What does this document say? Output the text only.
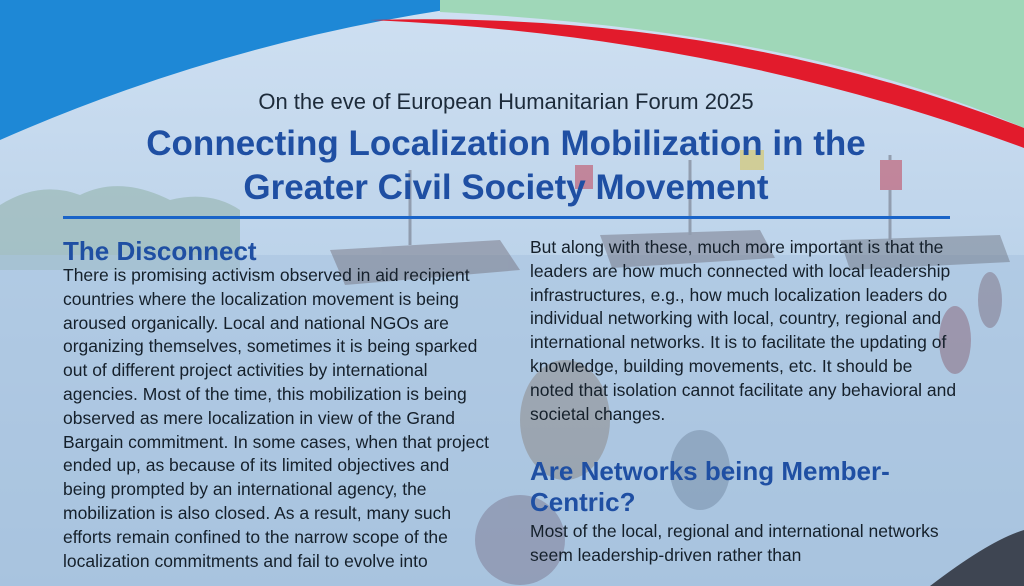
On the eve of European Humanitarian Forum 2025
Connecting Localization Mobilization in the
Greater Civil Society Movement
The Disconnect

There is promising activism observed in aid recipient countries where the localization movement is being aroused organically. Local and national NGOs are organizing themselves, sometimes it is being sparked out of different project activities by international agencies. Most of the time, this mobilization is being observed as mere localization in view of the Grand Bargain commitment. In some cases, when that project ended up, as because of its limited objectives and being prompted by an international agency, the mobilization is also closed. As a result, many such efforts remain confined to the narrow scope of the localization commitments and fail to evolve into

But along with these, much more important is that the leaders are how much connected with local leadership infrastructures, e.g., how much localization leaders do individual networking with local, country, regional and international networks. It is to facilitate the updating of knowledge, building movements, etc. It should be noted that isolation cannot facilitate any behavioral and societal changes.

Are Networks being Member-Centric?

Most of the local, regional and international networks seem leadership-driven rather than
